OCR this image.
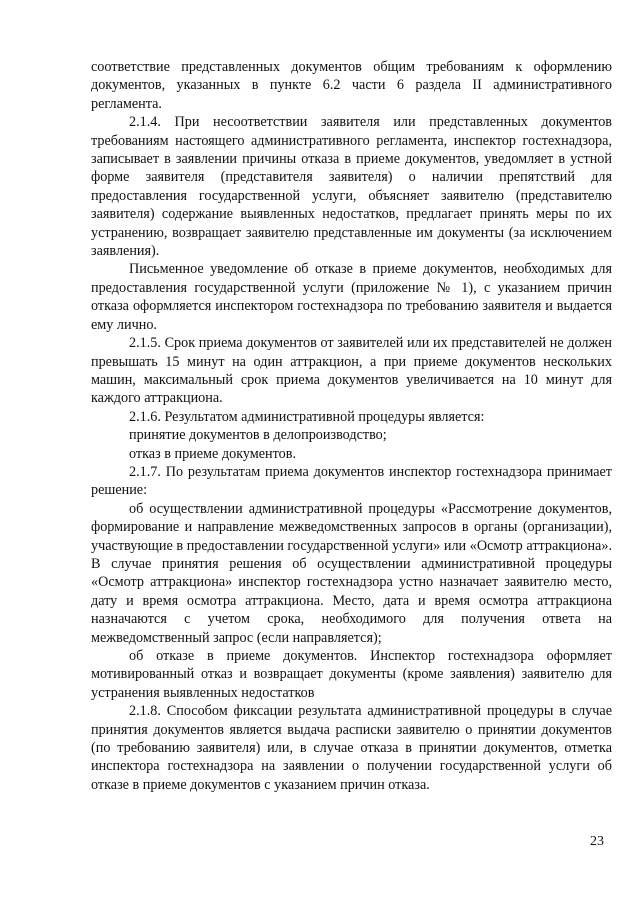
соответствие представленных документов общим требованиям к оформлению документов, указанных в пункте 6.2 части 6 раздела II административного регламента.

2.1.4. При несоответствии заявителя или представленных документов требованиям настоящего административного регламента, инспектор гостехнадзора, записывает в заявлении причины отказа в приеме документов, уведомляет в устной форме заявителя (представителя заявителя) о наличии препятствий для предоставления государственной услуги, объясняет заявителю (представителю заявителя) содержание выявленных недостатков, предлагает принять меры по их устранению, возвращает заявителю представленные им документы (за исключением заявления).

Письменное уведомление об отказе в приеме документов, необходимых для предоставления государственной услуги (приложение № 1), с указанием причин отказа оформляется инспектором гостехнадзора по требованию заявителя и выдается ему лично.

2.1.5. Срок приема документов от заявителей или их представителей не должен превышать 15 минут на один аттракцион, а при приеме документов нескольких машин, максимальный срок приема документов увеличивается на 10 минут для каждого аттракциона.

2.1.6. Результатом административной процедуры является:

принятие документов в делопроизводство;

отказ в приеме документов.

2.1.7. По результатам приема документов инспектор гостехнадзора принимает решение:

об осуществлении административной процедуры «Рассмотрение документов, формирование и направление межведомственных запросов в органы (организации), участвующие в предоставлении государственной услуги» или «Осмотр аттракциона». В случае принятия решения об осуществлении административной процедуры «Осмотр аттракциона» инспектор гостехнадзора устно назначает заявителю место, дату и время осмотра аттракциона. Место, дата и время осмотра аттракциона назначаются с учетом срока, необходимого для получения ответа на межведомственный запрос (если направляется);

об отказе в приеме документов. Инспектор гостехнадзора оформляет мотивированный отказ и возвращает документы (кроме заявления) заявителю для устранения выявленных недостатков

2.1.8. Способом фиксации результата административной процедуры в случае принятия документов является выдача расписки заявителю о принятии документов (по требованию заявителя) или, в случае отказа в принятии документов, отметка инспектора гостехнадзора на заявлении о получении государственной услуги об отказе в приеме документов с указанием причин отказа.

23
